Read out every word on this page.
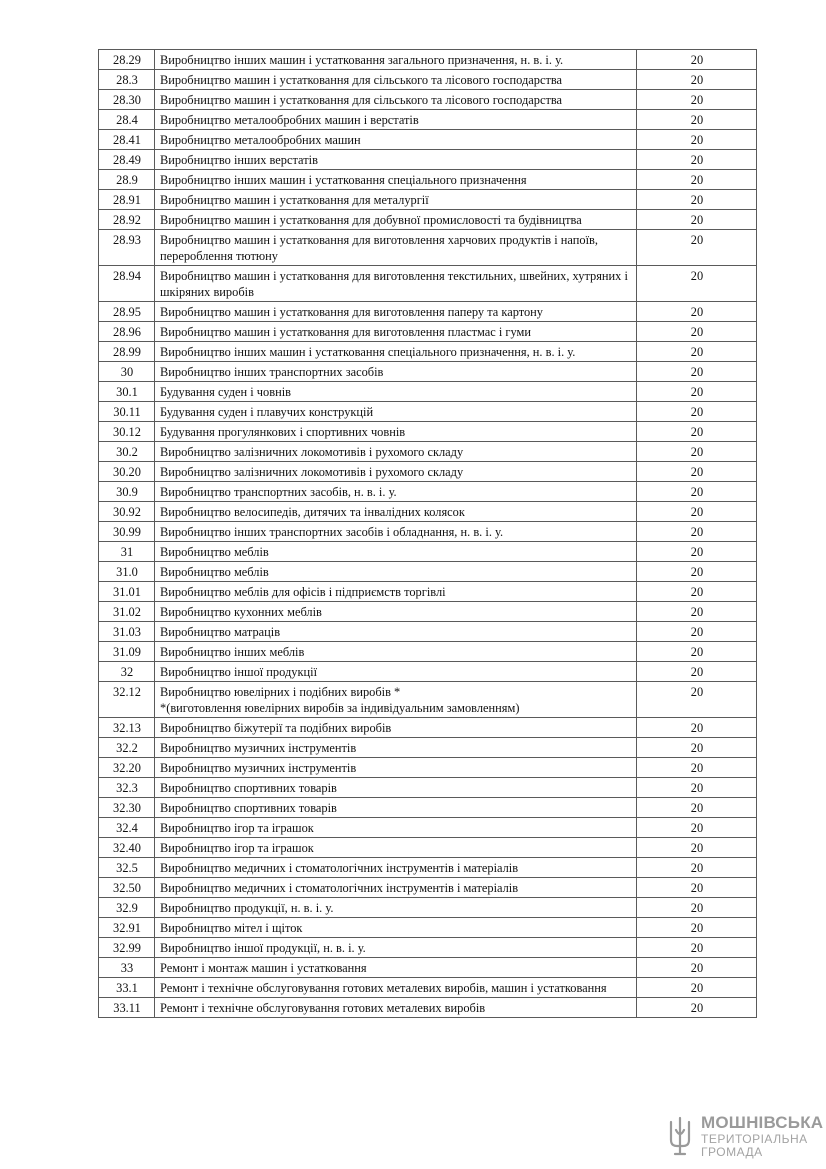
28.29	Виробництво інших машин і устатковання загального призначення, н. в. і. у.	20
28.3	Виробництво машин і устатковання для сільського та лісового господарства	20
28.30	Виробництво машин і устатковання для сільського та лісового господарства	20
28.4	Виробництво металообробних машин і верстатів	20
28.41	Виробництво металообробних машин	20
28.49	Виробництво інших верстатів	20
28.9	Виробництво інших машин і устатковання спеціального призначення	20
28.91	Виробництво машин і устатковання для металургії	20
28.92	Виробництво машин і устатковання для добувної промисловості та будівництва	20
28.93	Виробництво машин і устатковання для виготовлення харчових продуктів і напоїв, перероблення тютюну	20
28.94	Виробництво машин і устатковання для виготовлення текстильних, швейних, хутряних і шкіряних виробів	20
28.95	Виробництво машин і устатковання для виготовлення паперу та картону	20
28.96	Виробництво машин і устатковання для виготовлення пластмас і гуми	20
28.99	Виробництво інших машин і устатковання спеціального призначення, н. в. і. у.	20
30	Виробництво інших транспортних засобів	20
30.1	Будування суден і човнів	20
30.11	Будування суден і плавучих конструкцій	20
30.12	Будування прогулянкових і спортивних човнів	20
30.2	Виробництво залізничних локомотивів і рухомого складу	20
30.20	Виробництво залізничних локомотивів і рухомого складу	20
30.9	Виробництво транспортних засобів, н. в. і. у.	20
30.92	Виробництво велосипедів, дитячих та інвалідних колясок	20
30.99	Виробництво інших транспортних засобів і обладнання, н. в. і. у.	20
31	Виробництво меблів	20
31.0	Виробництво меблів	20
31.01	Виробництво меблів для офісів і підприємств торгівлі	20
31.02	Виробництво кухонних меблів	20
31.03	Виробництво матраців	20
31.09	Виробництво інших меблів	20
32	Виробництво іншої продукції	20
32.12	Виробництво ювелірних і подібних виробів *
*(виготовлення ювелірних виробів за індивідуальним замовленням)	20
32.13	Виробництво біжутерії та подібних виробів	20
32.2	Виробництво музичних інструментів	20
32.20	Виробництво музичних інструментів	20
32.3	Виробництво спортивних товарів	20
32.30	Виробництво спортивних товарів	20
32.4	Виробництво ігор та іграшок	20
32.40	Виробництво ігор та іграшок	20
32.5	Виробництво медичних і стоматологічних інструментів і матеріалів	20
32.50	Виробництво медичних і стоматологічних інструментів і матеріалів	20
32.9	Виробництво продукції, н. в. і. у.	20
32.91	Виробництво мітел і щіток	20
32.99	Виробництво іншої продукції, н. в. і. у.	20
33	Ремонт і монтаж машин і устатковання	20
33.1	Ремонт і технічне обслуговування готових металевих виробів, машин і устатковання	20
33.11	Ремонт і технічне обслуговування готових металевих виробів	20
МОШНІВСЬКА
ТЕРИТОРІАЛЬНА
ГРОМАДА
